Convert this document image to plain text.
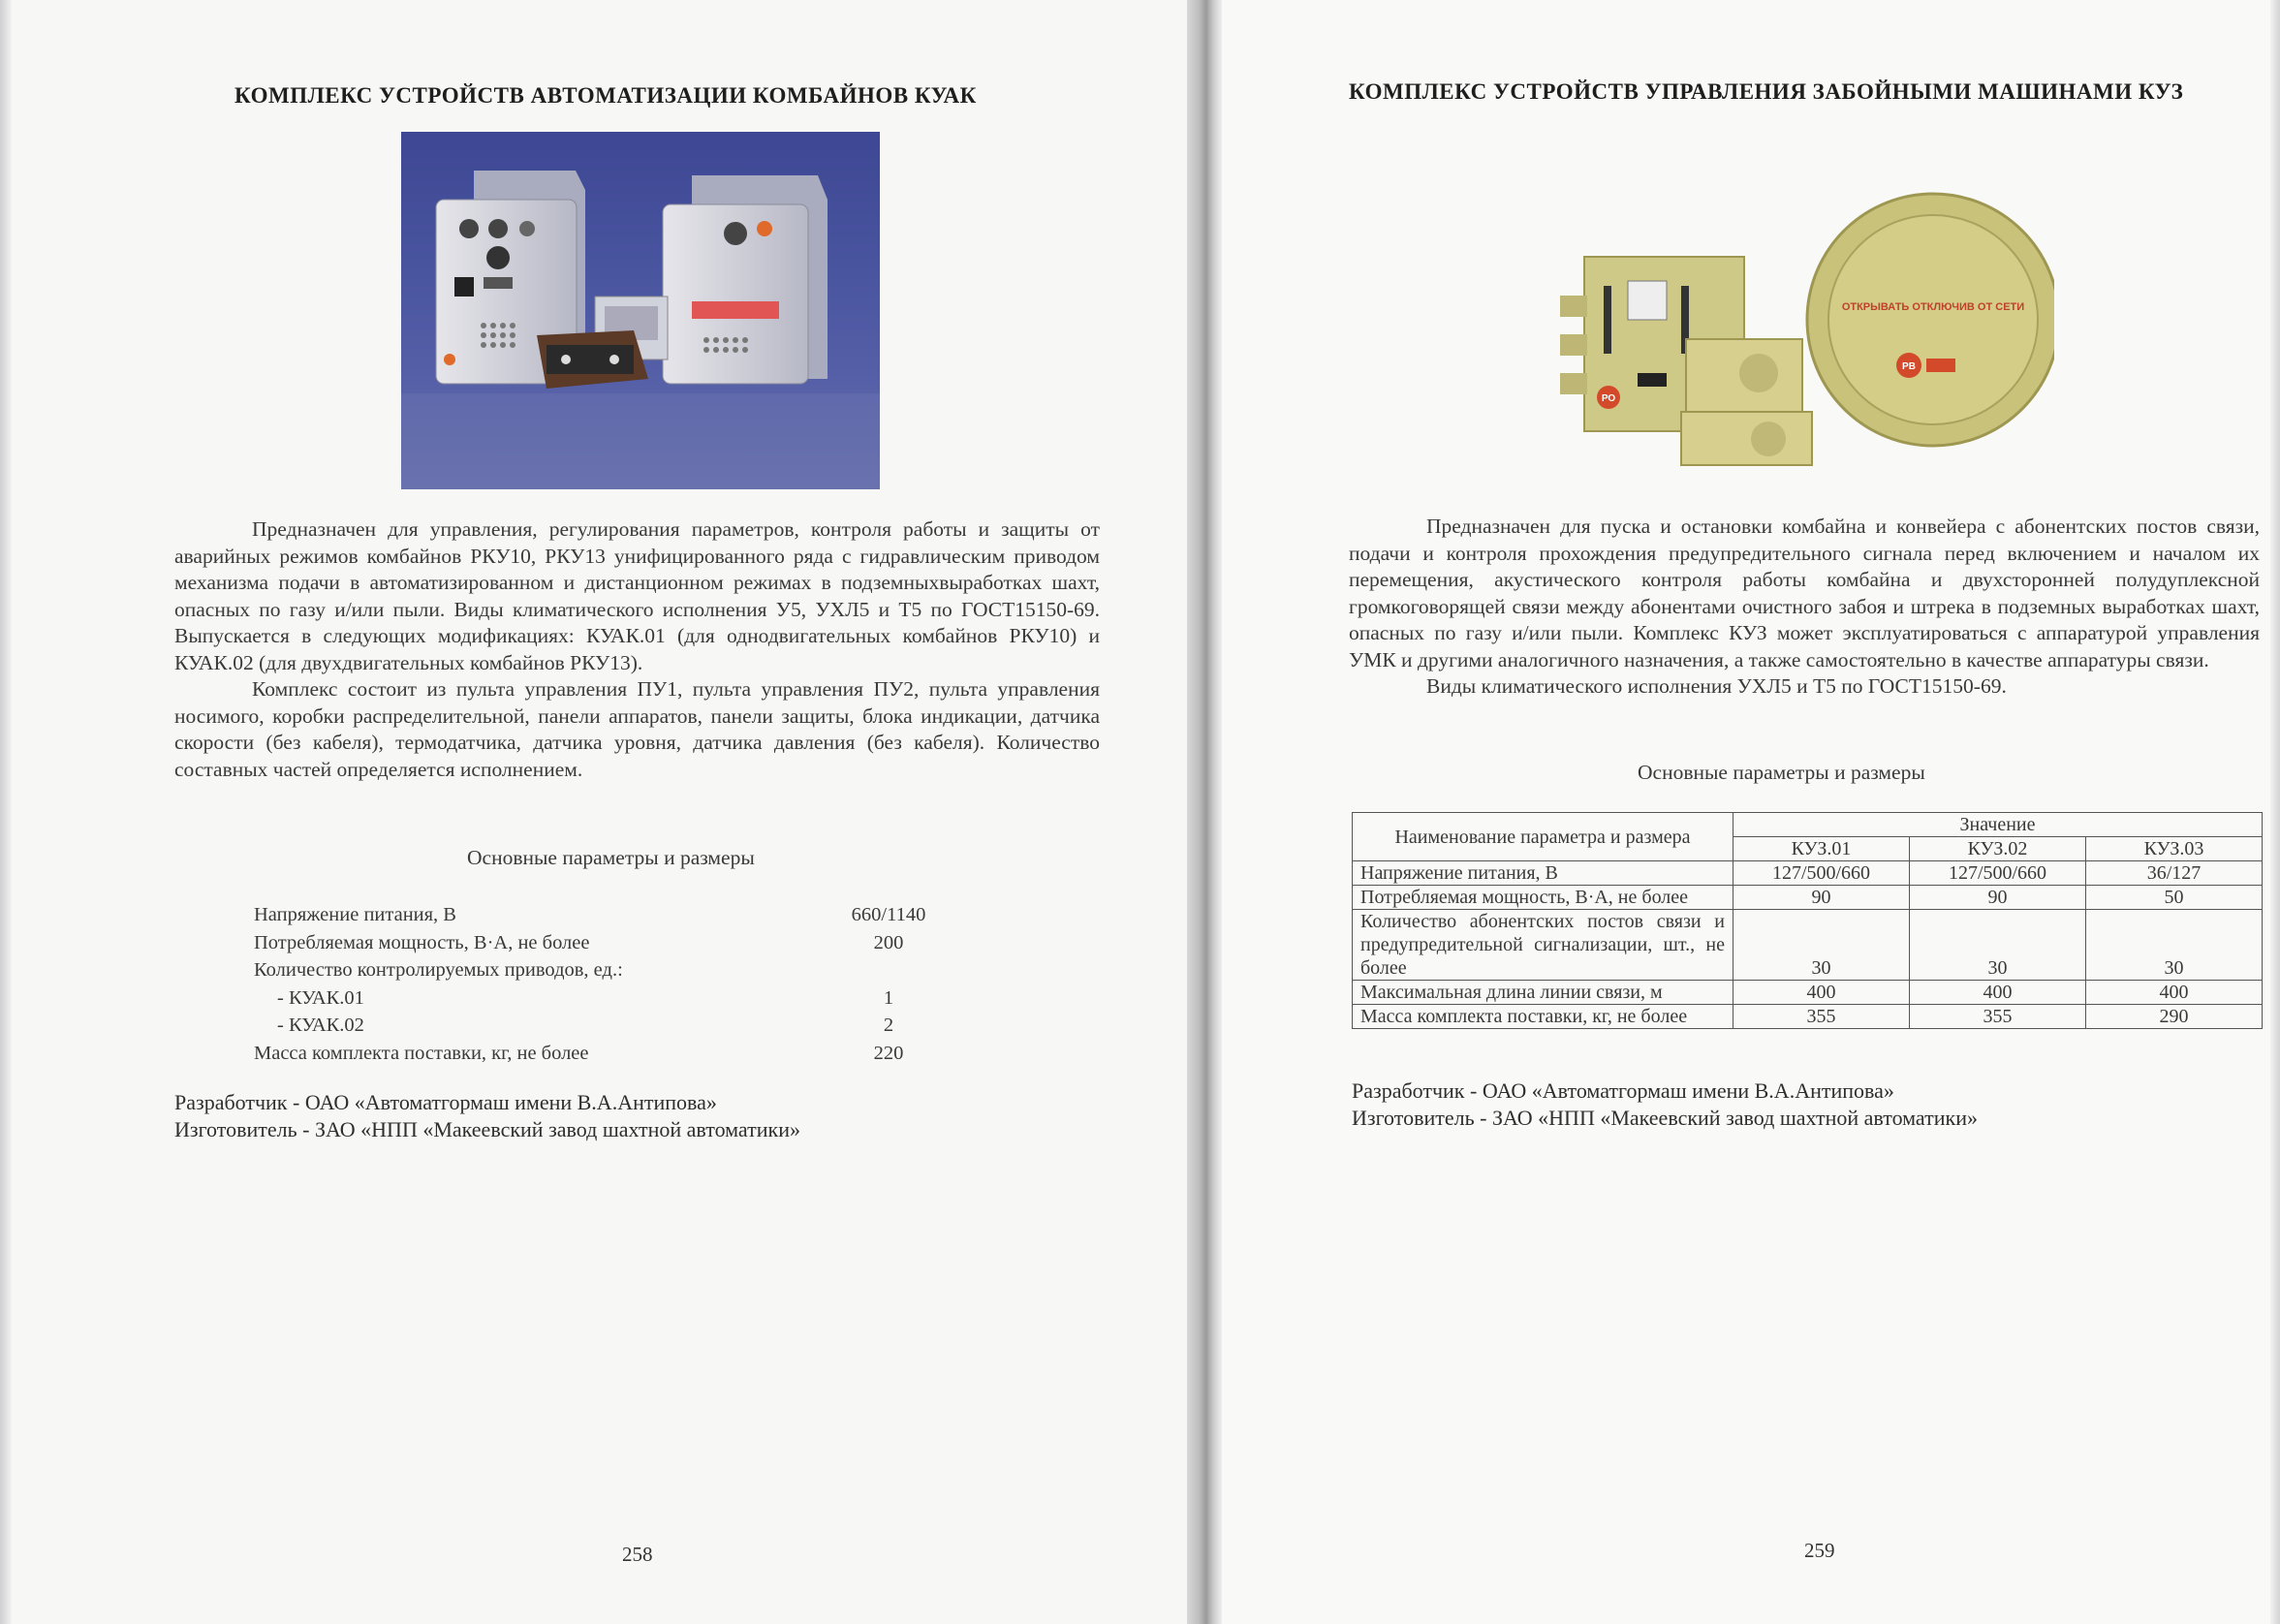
КОМПЛЕКС УСТРОЙСТВ АВТОМАТИЗАЦИИ КОМБАЙНОВ КУАК

Предназначен для управления, регулирования параметров, контроля работы и защиты от аварийных режимов комбайнов РКУ10, РКУ13 унифицированного ряда с гидравлическим приводом механизма подачи в автоматизированном и дистанционном режимах в подземныхвыработках шахт, опасных по газу и/или пыли. Виды климатического исполнения У5, УХЛ5 и Т5 по ГОСТ15150-69. Выпускается в следующих модификациях: КУАК.01 (для однодвигательных комбайнов РКУ10) и КУАК.02 (для двухдвигательных комбайнов РКУ13).

Комплекс состоит из пульта управления ПУ1, пульта управления ПУ2, пульта управления носимого, коробки распределительной, панели аппаратов, панели защиты, блока индикации, датчика скорости (без кабеля), термодатчика, датчика уровня, датчика давления (без кабеля). Количество составных частей определяется исполнением.

Основные параметры и размеры
Напряжение питания, В	660/1140
Потребляемая мощность, В·А, не более	200
Количество контролируемых приводов, ед.:
- КУАК.01	1
- КУАК.02	2
Масса комплекта поставки, кг, не более	220
Разработчик - ОАО «Автоматгормаш имени В.А.Антипова»
Изготовитель - ЗАО «НПП «Макеевский завод шахтной автоматики»
258
КОМПЛЕКС УСТРОЙСТВ УПРАВЛЕНИЯ ЗАБОЙНЫМИ МАШИНАМИ КУЗ
ОТКРЫВАТЬ ОТКЛЮЧИВ ОТ СЕТИ
РВ
РО

Предназначен для пуска и остановки комбайна и конвейера с абонентских постов связи, подачи и контроля прохождения предупредительного сигнала перед включением и началом их перемещения, акустического контроля работы комбайна и двухсторонней полудуплексной громкоговорящей связи между абонентами очистного забоя и штрека в подземных выработках шахт, опасных по газу и/или пыли. Комплекс КУЗ может эксплуатироваться с аппаратурой управления УМК и другими аналогичного назначения, а также самостоятельно в качестве аппаратуры связи.

Виды климатического исполнения УХЛ5 и Т5 по ГОСТ15150-69.

Основные параметры и размеры
Наименование параметра и размера	Значение		
	КУЗ.01	КУЗ.02	КУЗ.03
Напряжение питания, В	127/500/660	127/500/660	36/127
Потребляемая мощность, В·А, не более	90	90	50
Количество абонентских постов связи и предупредительной сигнализации, шт., не более	30	30	30
Максимальная длина линии связи, м	400	400	400
Масса комплекта поставки, кг, не более	355	355	290
Разработчик - ОАО «Автоматгормаш имени В.А.Антипова»
Изготовитель - ЗАО «НПП «Макеевский завод шахтной автоматики»
259
